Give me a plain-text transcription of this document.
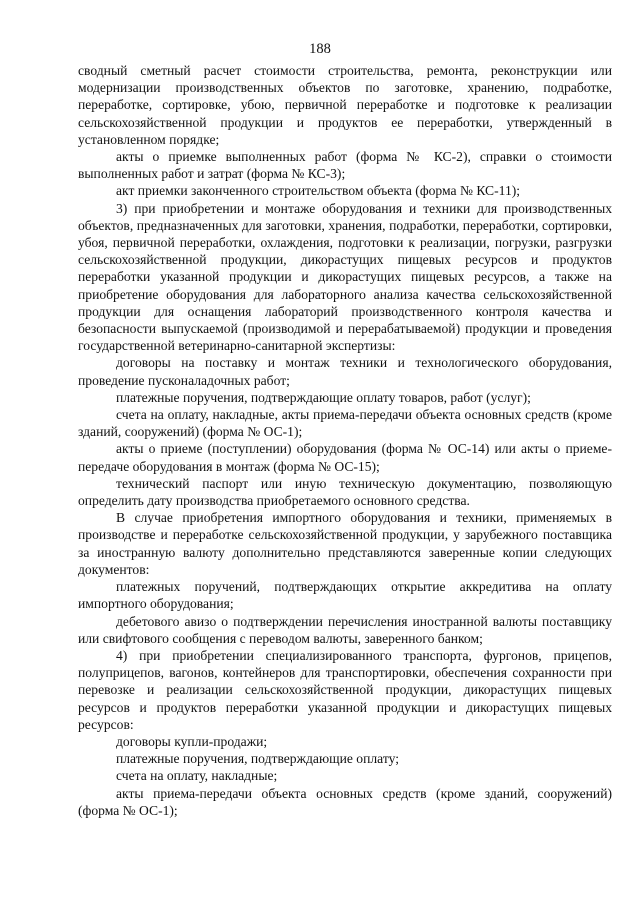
188

сводный сметный расчет стоимости строительства, ремонта, реконструкции или модернизации производственных объектов по заготовке, хранению, подработке, переработке, сортировке, убою, первичной переработке и подготовке к реализации сельскохозяйственной продукции и продуктов ее переработки, утвержденный в установленном порядке;

акты о приемке выполненных работ (форма № КС-2), справки о стоимости выполненных работ и затрат (форма № КС-3);

акт приемки законченного строительством объекта (форма № КС-11);

3) при приобретении и монтаже оборудования и техники для производственных объектов, предназначенных для заготовки, хранения, подработки, переработки, сортировки, убоя, первичной переработки, охлаждения, подготовки к реализации, погрузки, разгрузки сельскохозяйственной продукции, дикорастущих пищевых ресурсов и продуктов переработки указанной продукции и дикорастущих пищевых ресурсов, а также на приобретение оборудования для лабораторного анализа качества сельскохозяйственной продукции для оснащения лабораторий производственного контроля качества и безопасности выпускаемой (производимой и перерабатываемой) продукции и проведения государственной ветеринарно-санитарной экспертизы:

договоры на поставку и монтаж техники и технологического оборудования, проведение пусконаладочных работ;

платежные поручения, подтверждающие оплату товаров, работ (услуг);

счета на оплату, накладные, акты приема-передачи объекта основных средств (кроме зданий, сооружений) (форма № ОС-1);

акты о приеме (поступлении) оборудования (форма № ОС-14) или акты о приеме-передаче оборудования в монтаж (форма № ОС-15);

технический паспорт или иную техническую документацию, позволяющую определить дату производства приобретаемого основного средства.

В случае приобретения импортного оборудования и техники, применяемых в производстве и переработке сельскохозяйственной продукции, у зарубежного поставщика за иностранную валюту дополнительно представляются заверенные копии следующих документов:

платежных поручений, подтверждающих открытие аккредитива на оплату импортного оборудования;

дебетового авизо о подтверждении перечисления иностранной валюты поставщику или свифтового сообщения с переводом валюты, заверенного банком;

4) при приобретении специализированного транспорта, фургонов, прицепов, полуприцепов, вагонов, контейнеров для транспортировки, обеспечения сохранности при перевозке и реализации сельскохозяйственной продукции, дикорастущих пищевых ресурсов и продуктов переработки указанной продукции и дикорастущих пищевых ресурсов:

договоры купли-продажи;

платежные поручения, подтверждающие оплату;

счета на оплату, накладные;

акты приема-передачи объекта основных средств (кроме зданий, сооружений) (форма № ОС-1);
